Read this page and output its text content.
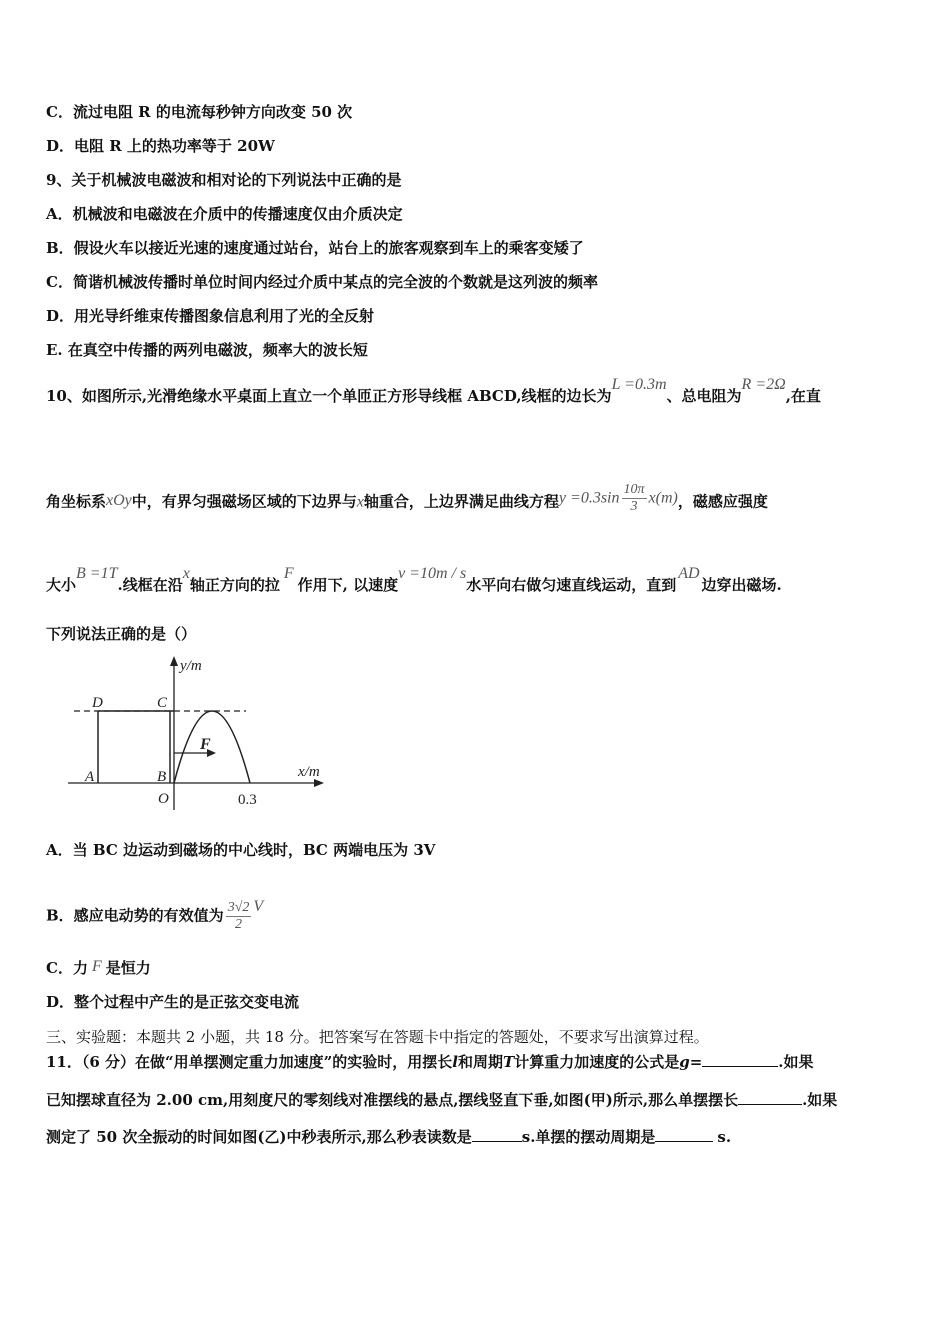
C．流过电阻 R 的电流每秒钟方向改变 50 次
D．电阻 R 上的热功率等于 20W
9、关于机械波电磁波和相对论的下列说法中正确的是
A．机械波和电磁波在介质中的传播速度仅由介质决定
B．假设火车以接近光速的速度通过站台，站台上的旅客观察到车上的乘客变矮了
C．简谐机械波传播时单位时间内经过介质中某点的完全波的个数就是这列波的频率
D．用光导纤维束传播图象信息利用了光的全反射
E. 在真空中传播的两列电磁波，频率大的波长短
10、如图所示,光滑绝缘水平桌面上直立一个单匝正方形导线框 ABCD,线框的边长为L =0.3m、总电阻为R =2Ω,在直
角坐标系xOy中，有界匀强磁场区域的下边界与x轴重合，上边界满足曲线方程$y =0.3\sin \frac{10\pi}{3} x(m)$，磁感应强度
大小B =1T.线框在沿x轴正方向的拉F作用下, 以速度v =10m / s水平向右做匀速直线运动，直到AD边穿出磁场.
下列说法正确的是（）
y/m
x/m
D	C
A	B
O
F
0.3
A．当 BC 边运动到磁场的中心线时，BC 两端电压为 3V
B．感应电动势的有效值为 $\frac{3√2}{2}$ V
C．力 F 是恒力
D．整个过程中产生的是正弦交变电流
三、实验题：本题共 2 小题，共 18 分。把答案写在答题卡中指定的答题处，不要求写出演算过程。
11．（6 分）在做“用单摆测定重力加速度”的实验时，用摆长l和周期T计算重力加速度的公式是g=	.如果
已知摆球直径为 2.00 cm,用刻度尺的零刻线对准摆线的悬点,摆线竖直下垂,如图(甲)所示,那么单摆摆长	.如果
测定了 50 次全振动的时间如图(乙)中秒表所示,那么秒表读数是	s.单摆的摆动周期是	s.
